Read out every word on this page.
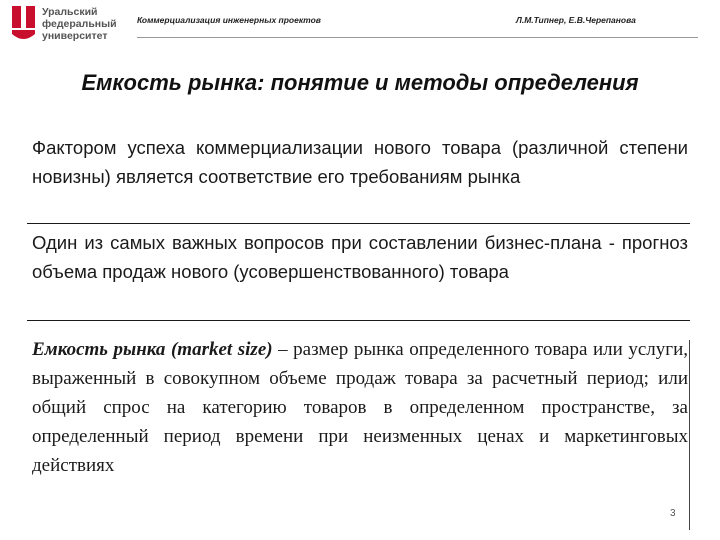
Уральский
федеральный
университет
Коммерциализация инженерных проектов	Л.М.Типнер, Е.В.Черепанова
Емкость рынка: понятие и методы определения
Фактором успеха коммерциализации нового товара (различной степени новизны) является соответствие его требованиям рынка
Один из самых важных вопросов при составлении бизнес-плана - прогноз объема продаж нового (усовершенствованного) товара
Емкость рынка (market size) – размер рынка определенного товара или услуги, выраженный в совокупном объеме продаж товара за расчетный период; или общий спрос на категорию товаров в определенном пространстве, за определенный период времени при неизменных ценах и маркетинговых действиях
3
